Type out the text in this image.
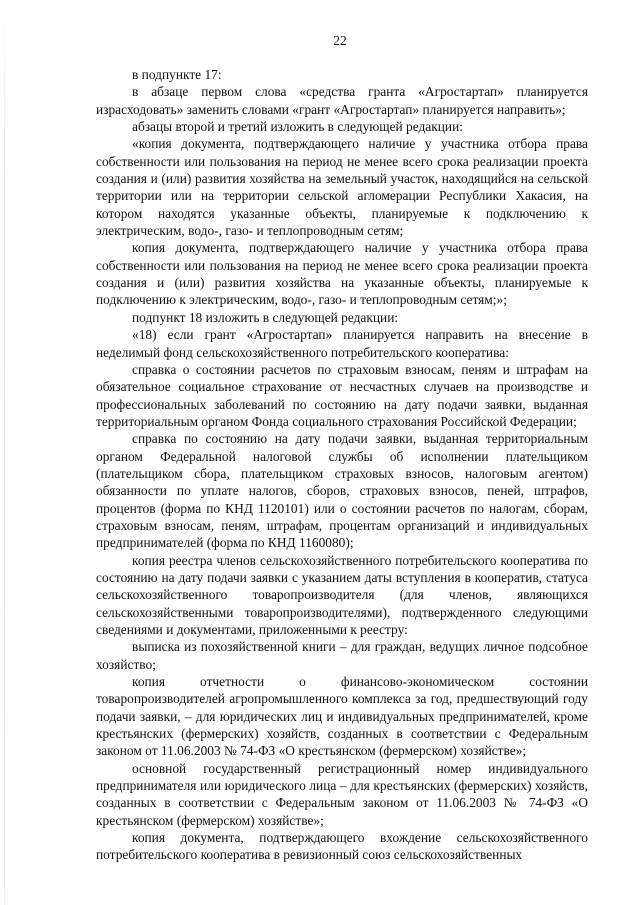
22

в подпункте 17:

в абзаце первом слова «средства гранта «Агростартап» планируется израсходовать» заменить словами «грант «Агростартап» планируется направить»;

абзацы второй и третий изложить в следующей редакции:

«копия документа, подтверждающего наличие у участника отбора права собственности или пользования на период не менее всего срока реализации проекта создания и (или) развития хозяйства на земельный участок, находящийся на сельской территории или на территории сельской агломерации Республики Хакасия, на котором находятся указанные объекты, планируемые к подключению к электрическим, водо-, газо- и теплопроводным сетям;

копия документа, подтверждающего наличие у участника отбора права собственности или пользования на период не менее всего срока реализации проекта создания и (или) развития хозяйства на указанные объекты, планируемые к подключению к электрическим, водо-, газо- и теплопроводным сетям;»;

подпункт 18 изложить в следующей редакции:

«18) если грант «Агростартап» планируется направить на внесение в неделимый фонд сельскохозяйственного потребительского кооператива:

справка о состоянии расчетов по страховым взносам, пеням и штрафам на обязательное социальное страхование от несчастных случаев на производстве и профессиональных заболеваний по состоянию на дату подачи заявки, выданная территориальным органом Фонда социального страхования Российской Федерации;

справка по состоянию на дату подачи заявки, выданная территориальным органом Федеральной налоговой службы об исполнении плательщиком (плательщиком сбора, плательщиком страховых взносов, налоговым агентом) обязанности по уплате налогов, сборов, страховых взносов, пеней, штрафов, процентов (форма по КНД 1120101) или о состоянии расчетов по налогам, сборам, страховым взносам, пеням, штрафам, процентам организаций и индивидуальных предпринимателей (форма по КНД 1160080);

копия реестра членов сельскохозяйственного потребительского кооператива по состоянию на дату подачи заявки с указанием даты вступления в кооператив, статуса сельскохозяйственного товаропроизводителя (для членов, являющихся сельскохозяйственными товаропроизводителями), подтвержденного следующими сведениями и документами, приложенными к реестру:

выписка из похозяйственной книги – для граждан, ведущих личное подсобное хозяйство;

копия отчетности о финансово-экономическом состоянии товаропроизводителей агропромышленного комплекса за год, предшествующий году подачи заявки, – для юридических лиц и индивидуальных предпринимателей, кроме крестьянских (фермерских) хозяйств, созданных в соответствии с Федеральным законом от 11.06.2003 № 74-ФЗ «О крестьянском (фермерском) хозяйстве»;

основной государственный регистрационный номер индивидуального предпринимателя или юридического лица – для крестьянских (фермерских) хозяйств, созданных в соответствии с Федеральным законом от 11.06.2003 № 74-ФЗ «О крестьянском (фермерском) хозяйстве»;

копия документа, подтверждающего вхождение сельскохозяйственного потребительского кооператива в ревизионный союз сельскохозяйственных
